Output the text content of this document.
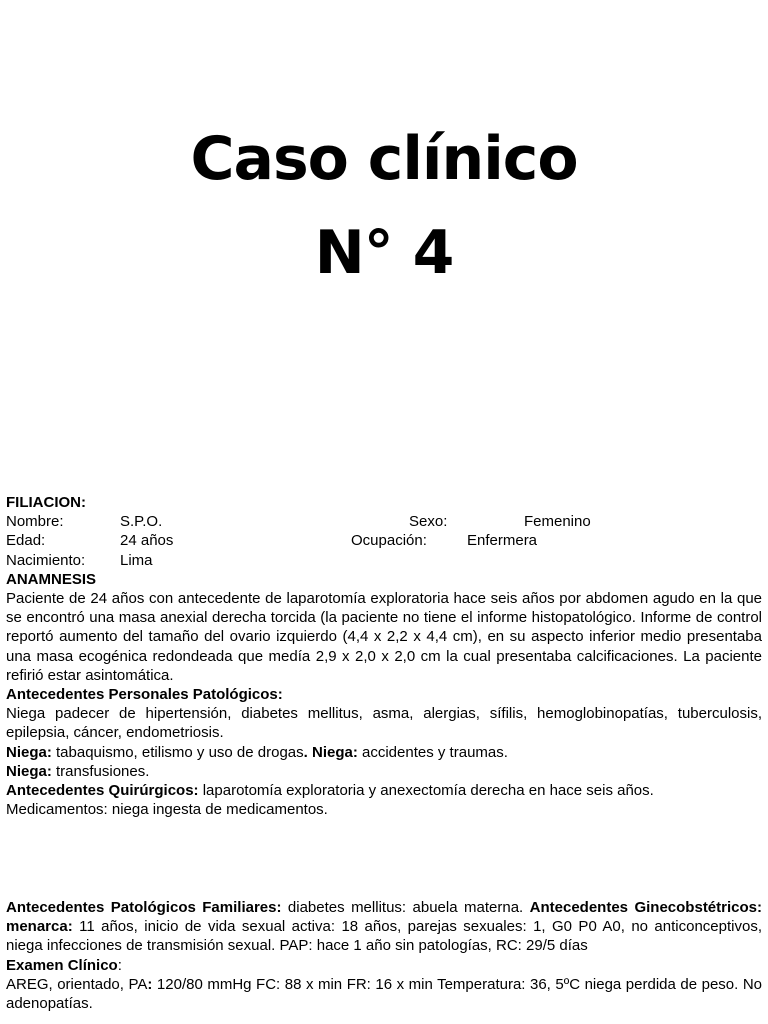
Caso clínico
N° 4
FILIACION:
Nombre:	S.P.O.	Sexo:	Femenino
Edad:	24 años	Ocupación:	Enfermera
Nacimiento: Lima
ANAMNESIS

Paciente de 24 años con antecedente de laparotomía exploratoria hace seis años por abdomen agudo en la que se encontró una masa anexial derecha torcida (la paciente no tiene el informe histopatológico. Informe de control reportó aumento del tamaño del ovario izquierdo (4,4 x 2,2 x 4,4 cm), en su aspecto inferior medio presentaba una masa ecogénica redondeada que medía 2,9 x 2,0 x 2,0 cm la cual presentaba calcificaciones. La paciente refirió estar asintomática.

Antecedentes Personales Patológicos:

Niega padecer de hipertensión, diabetes mellitus, asma, alergias, sífilis, hemoglobinopatías, tuberculosis, epilepsia, cáncer, endometriosis.

Niega: tabaquismo, etilismo y uso de drogas. Niega: accidentes y traumas.

Niega: transfusiones.

Antecedentes Quirúrgicos: laparotomía exploratoria y anexectomía derecha en hace seis años.

Medicamentos: niega ingesta de medicamentos.

Antecedentes Patológicos Familiares: diabetes mellitus: abuela materna. Antecedentes Ginecobstétricos: menarca: 11 años, inicio de vida sexual activa: 18 años, parejas sexuales: 1, G0 P0 A0, no anticonceptivos, niega infecciones de transmisión sexual. PAP: hace 1 año sin patologías, RC: 29/5 días

Examen Clínico:

AREG, orientado, PA: 120/80 mmHg FC: 88 x min FR: 16 x min Temperatura: 36, 5ºC niega perdida de peso. No adenopatías.
